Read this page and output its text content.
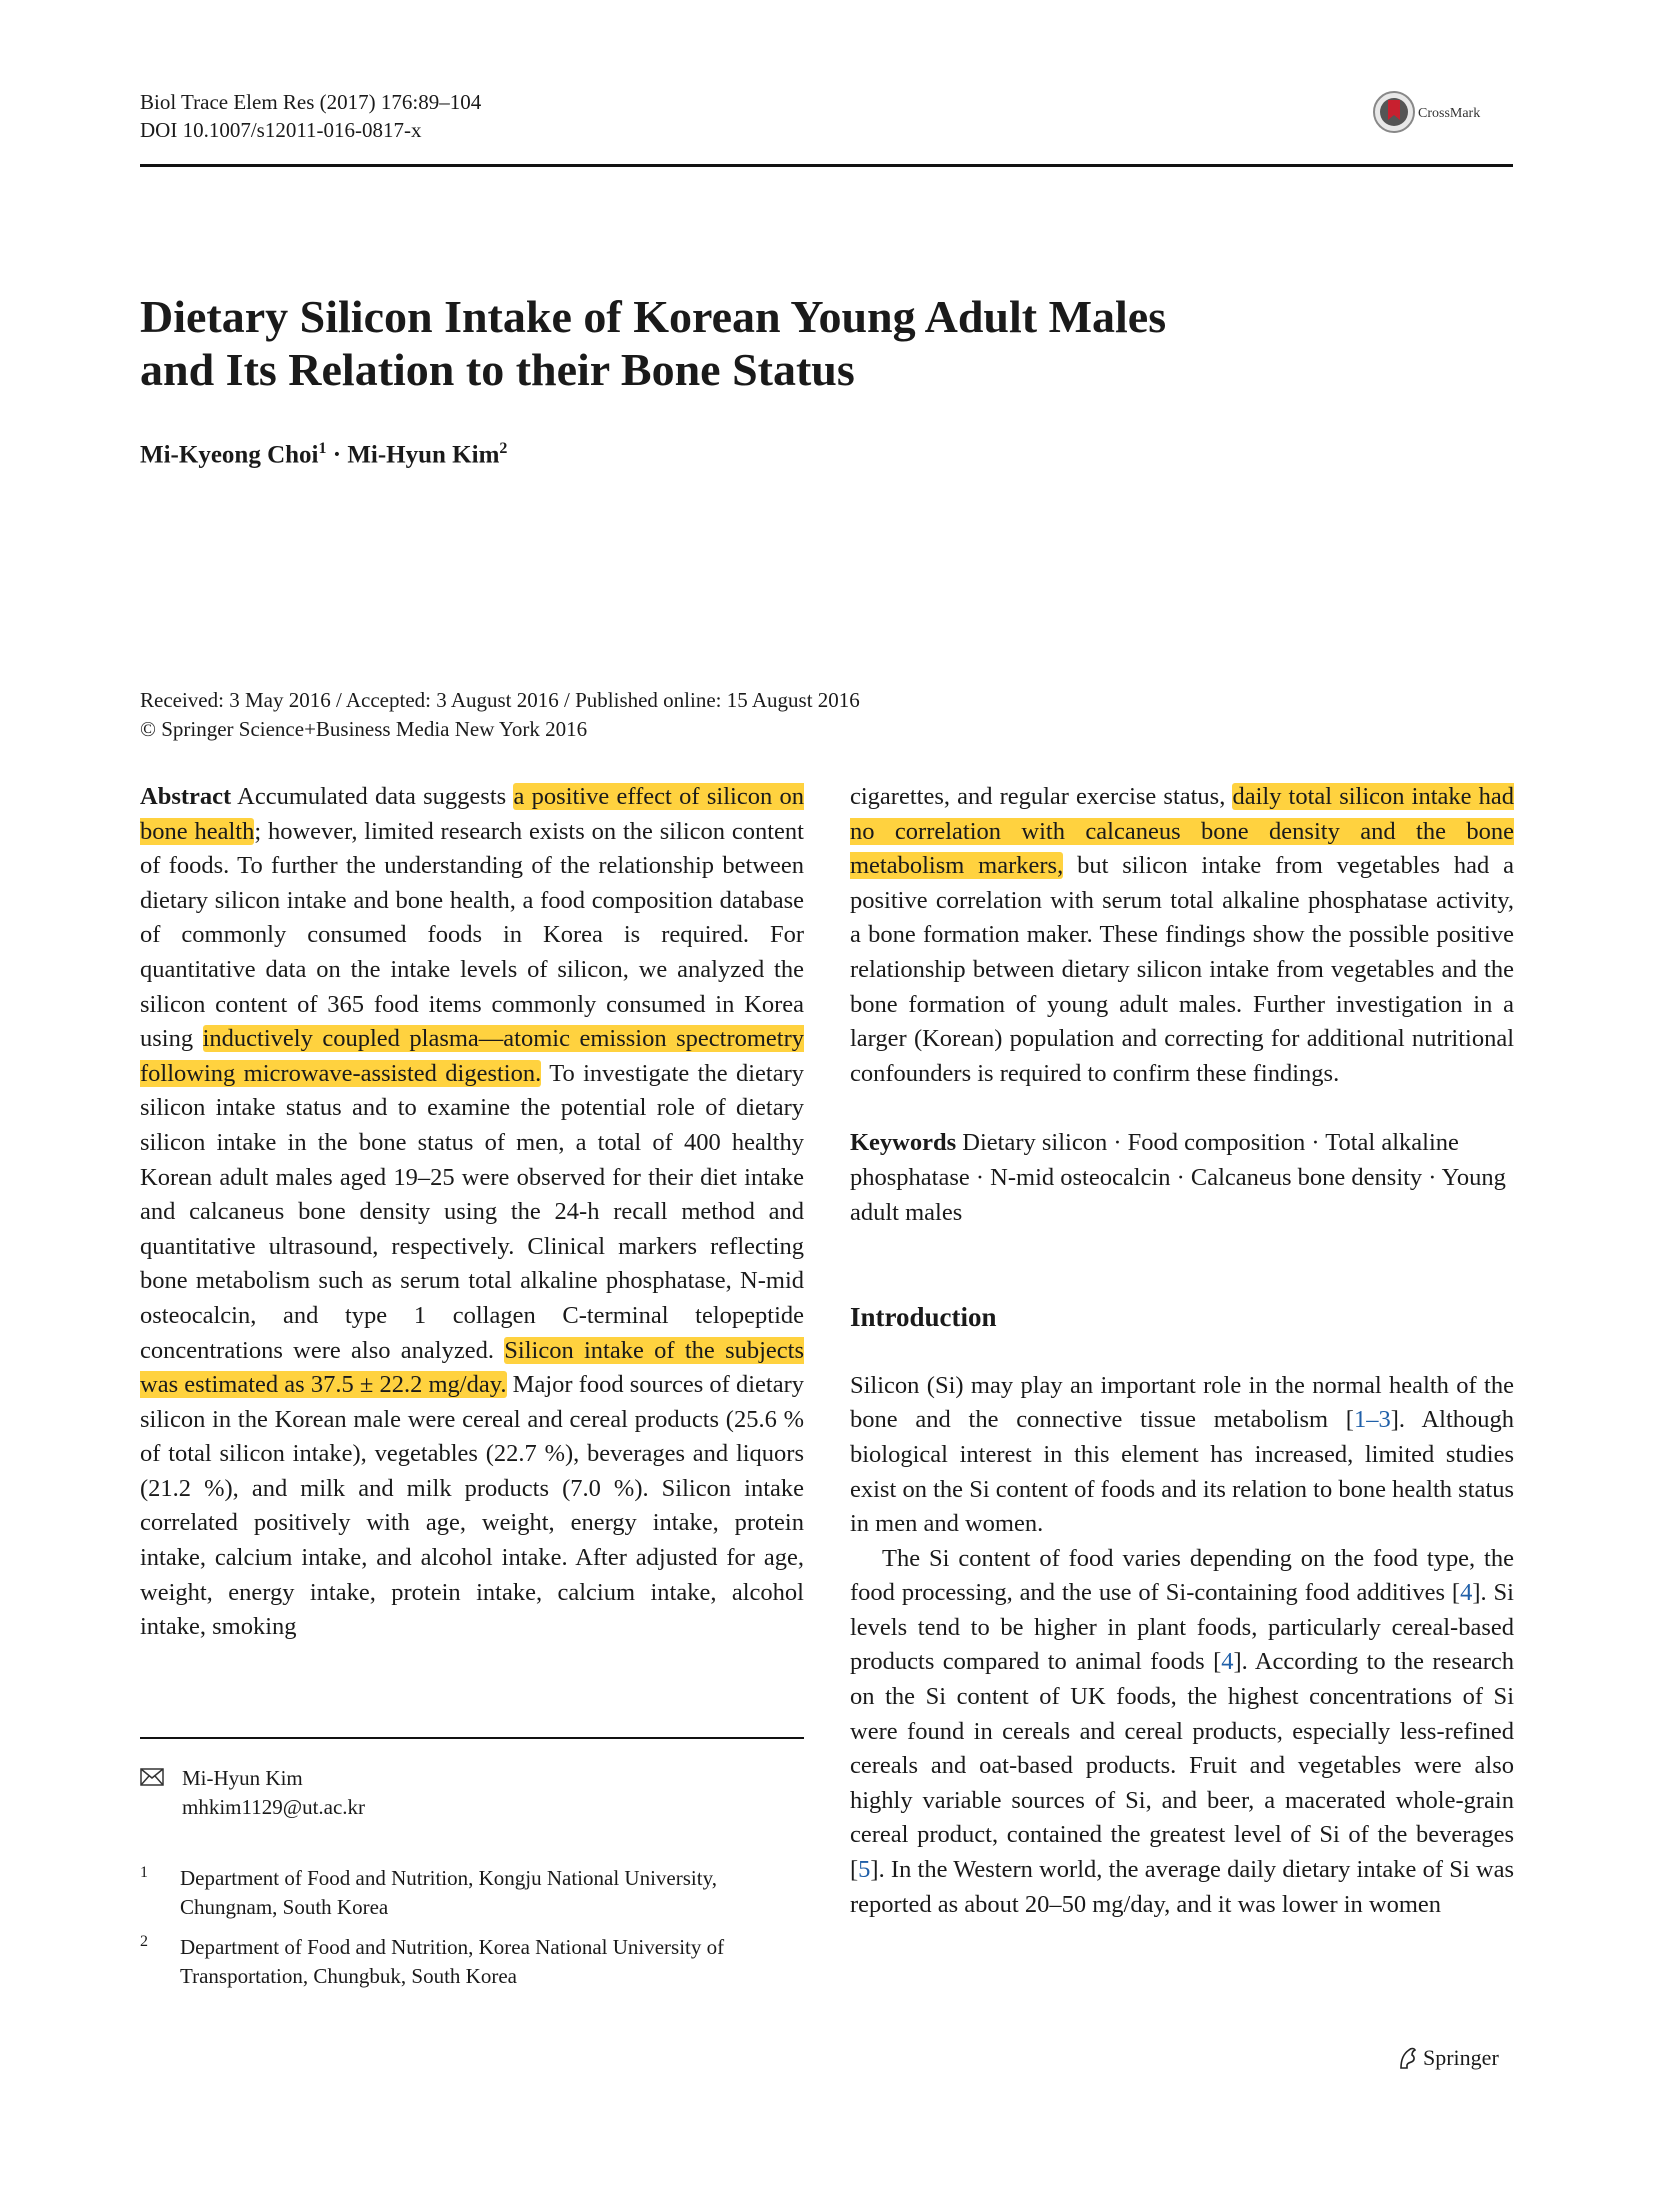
Biol Trace Elem Res (2017) 176:89–104
DOI 10.1007/s12011-016-0817-x
CrossMark
Dietary Silicon Intake of Korean Young Adult Males
and Its Relation to their Bone Status
Mi-Kyeong Choi$^1$ · Mi-Hyun Kim$^2$
Received: 3 May 2016 / Accepted: 3 August 2016 / Published online: 15 August 2016
© Springer Science+Business Media New York 2016

Abstract Accumulated data suggests a positive effect of silicon on bone health; however, limited research exists on the silicon content of foods. To further the understanding of the relationship between dietary silicon intake and bone health, a food composition database of commonly consumed foods in Korea is required. For quantitative data on the intake levels of silicon, we analyzed the silicon content of 365 food items commonly consumed in Korea using inductively coupled plasma—atomic emission spectrometry following microwave-assisted digestion. To investigate the dietary silicon intake status and to examine the potential role of dietary silicon intake in the bone status of men, a total of 400 healthy Korean adult males aged 19–25 were observed for their diet intake and calcaneus bone density using the 24-h recall method and quantitative ultrasound, respectively. Clinical markers reflecting bone metabolism such as serum total alkaline phosphatase, N-mid osteocalcin, and type 1 collagen C-terminal telopeptide concentrations were also analyzed. Silicon intake of the subjects was estimated as 37.5 ± 22.2 mg/day. Major food sources of dietary silicon in the Korean male were cereal and cereal products (25.6 % of total silicon intake), vegetables (22.7 %), beverages and liquors (21.2 %), and milk and milk products (7.0 %). Silicon intake correlated positively with age, weight, energy intake, protein intake, calcium intake, and alcohol intake. After adjusted for age, weight, energy intake, protein intake, calcium intake, alcohol intake, smoking

cigarettes, and regular exercise status, daily total silicon intake had no correlation with calcaneus bone density and the bone metabolism markers, but silicon intake from vegetables had a positive correlation with serum total alkaline phosphatase activity, a bone formation maker. These findings show the possible positive relationship between dietary silicon intake from vegetables and the bone formation of young adult males. Further investigation in a larger (Korean) population and correcting for additional nutritional confounders is required to confirm these findings.

Keywords Dietary silicon · Food composition · Total alkaline phosphatase · N-mid osteocalcin · Calcaneus bone density · Young adult males

Introduction

Silicon (Si) may play an important role in the normal health of the bone and the connective tissue metabolism [1–3]. Although biological interest in this element has increased, limited studies exist on the Si content of foods and its relation to bone health status in men and women.

The Si content of food varies depending on the food type, the food processing, and the use of Si-containing food additives [4]. Si levels tend to be higher in plant foods, particularly cereal-based products compared to animal foods [4]. According to the research on the Si content of UK foods, the highest concentrations of Si were found in cereals and cereal products, especially less-refined cereals and oat-based products. Fruit and vegetables were also highly variable sources of Si, and beer, a macerated whole-grain cereal product, contained the greatest level of Si of the beverages [5]. In the Western world, the average daily dietary intake of Si was reported as about 20–50 mg/day, and it was lower in women

Mi-Hyun Kim
mhkim1129@ut.ac.kr
1 Department of Food and Nutrition, Kongju National University,
Chungnam, South Korea
2 Department of Food and Nutrition, Korea National University of
Transportation, Chungbuk, South Korea
Springer
